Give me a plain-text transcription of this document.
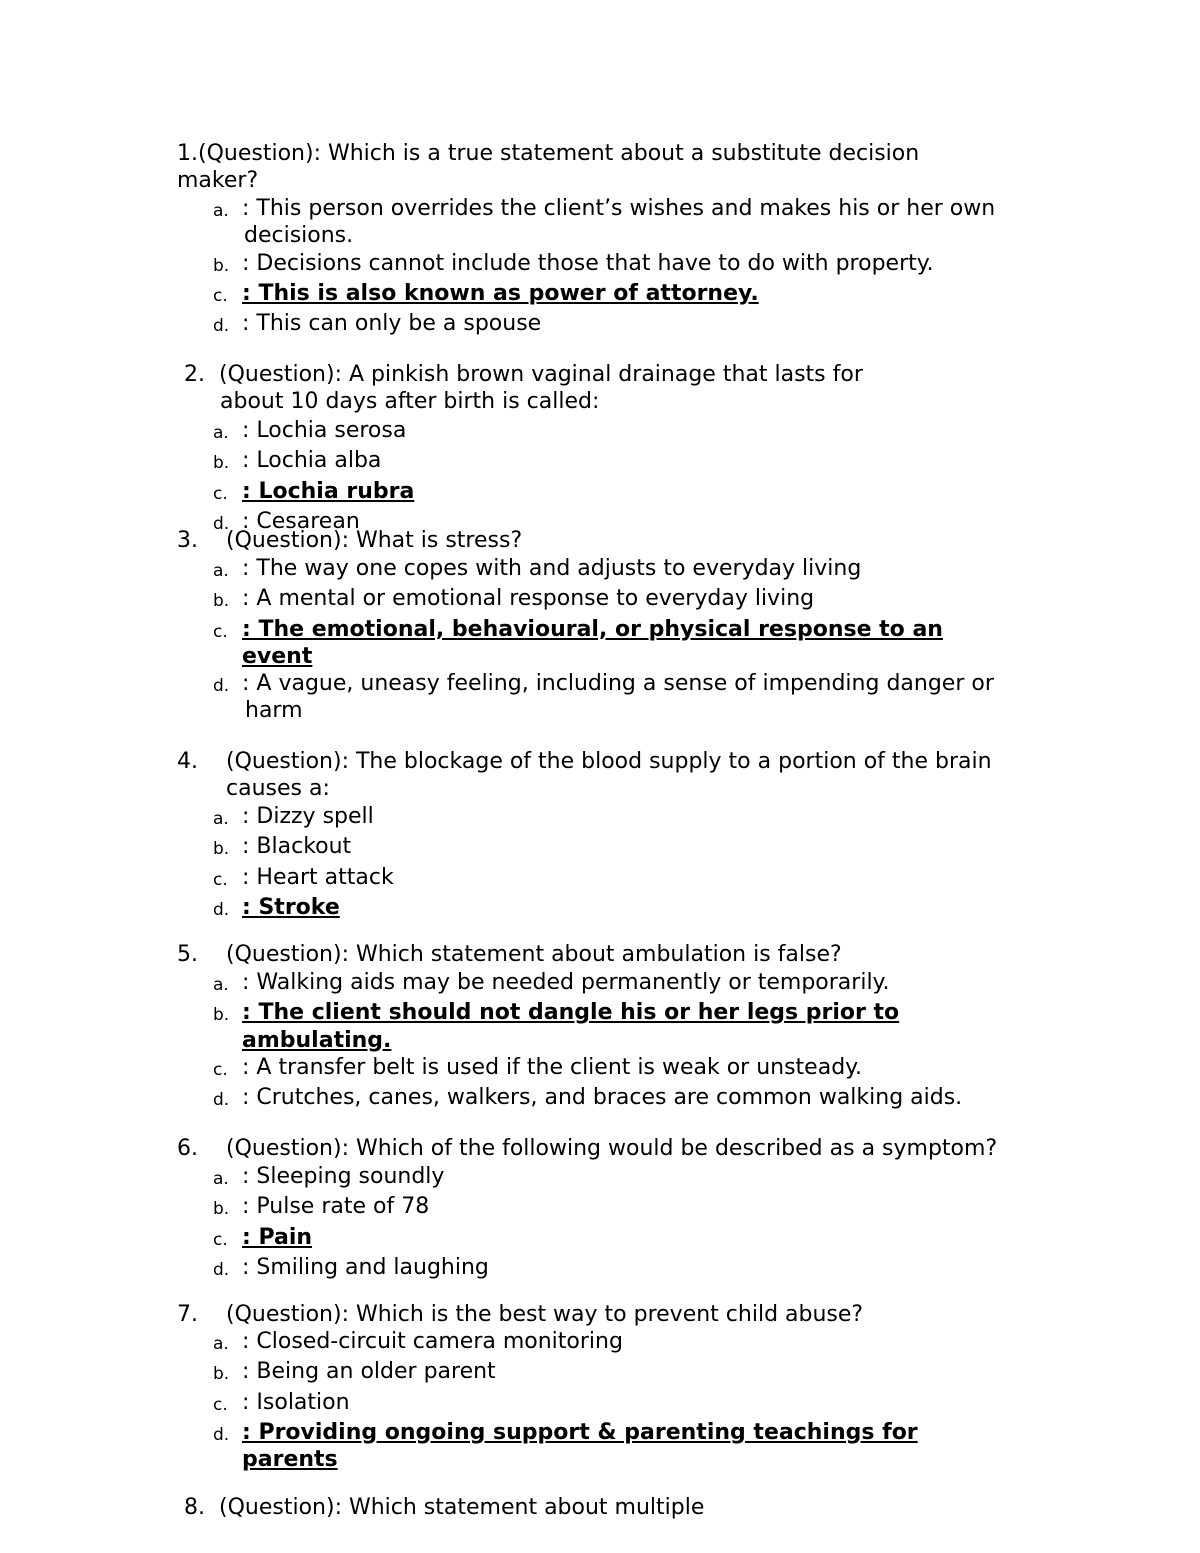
1.(Question): Which is a true statement about a substitute decision
maker?
a. : This person overrides the client’s wishes and makes his or her own
decisions.
b. : Decisions cannot include those that have to do with property.
c. : This is also known as power of attorney.
d. : This can only be a spouse
2. (Question): A pinkish brown vaginal drainage that lasts for
about 10 days after birth is called:
a. : Lochia serosa
b. : Lochia alba
c. : Lochia rubra
d. : Cesarean
3. (Question): What is stress?
a. : The way one copes with and adjusts to everyday living
b. : A mental or emotional response to everyday living
c. : The emotional, behavioural, or physical response to an
event
d. : A vague, uneasy feeling, including a sense of impending danger or
harm
4. (Question): The blockage of the blood supply to a portion of the brain
causes a:
a. : Dizzy spell
b. : Blackout
c. : Heart attack
d. : Stroke
5. (Question): Which statement about ambulation is false?
a. : Walking aids may be needed permanently or temporarily.
b. : The client should not dangle his or her legs prior to
ambulating.
c. : A transfer belt is used if the client is weak or unsteady.
d. : Crutches, canes, walkers, and braces are common walking aids.
6. (Question): Which of the following would be described as a symptom?
a. : Sleeping soundly
b. : Pulse rate of 78
c. : Pain
d. : Smiling and laughing
7. (Question): Which is the best way to prevent child abuse?
a. : Closed-circuit camera monitoring
b. : Being an older parent
c. : Isolation
d. : Providing ongoing support & parenting teachings for
parents
8. (Question): Which statement about multiple
